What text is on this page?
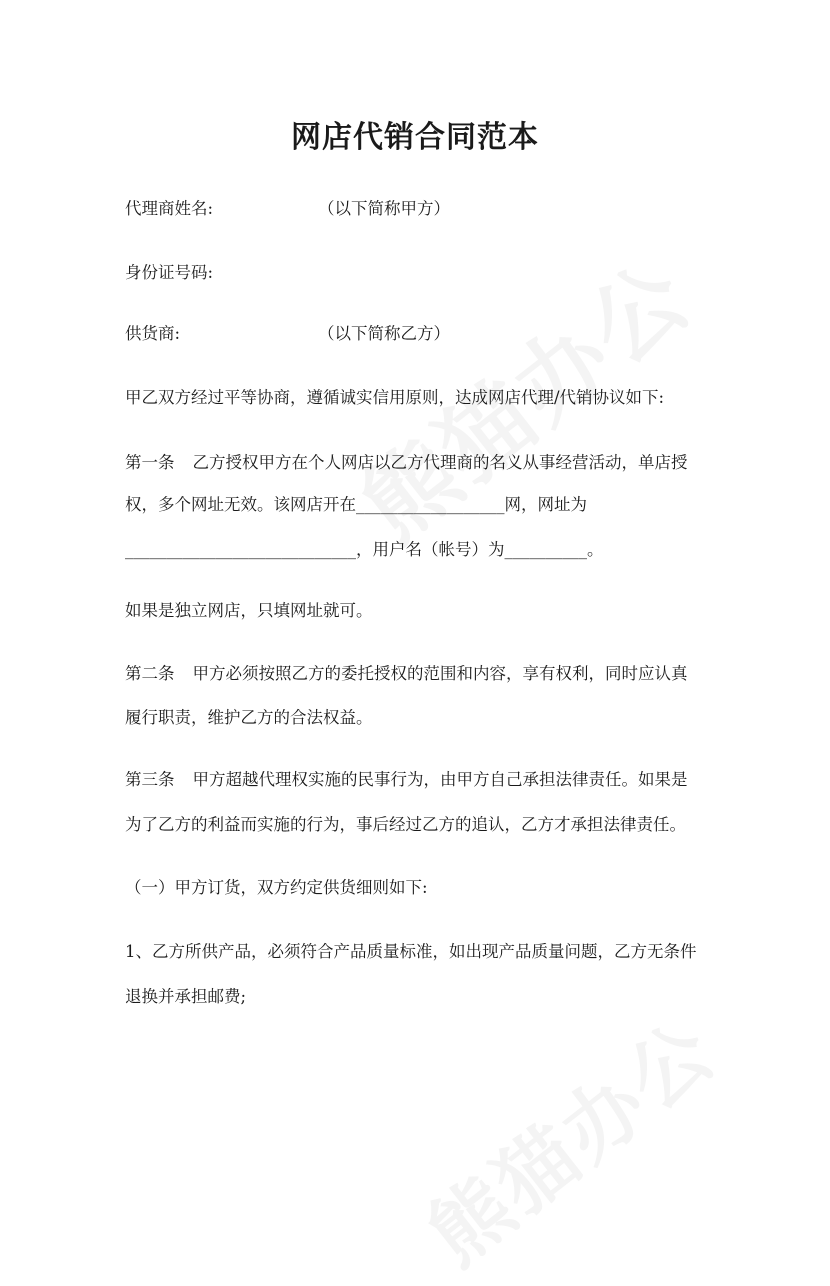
网店代销合同范本
代理商姓名:	（以下简称甲方）
身份证号码:
供货商:	（以下简称乙方）
甲乙双方经过平等协商，遵循诚实信用原则，达成网店代理/代销协议如下:
第一条 乙方授权甲方在个人网店以乙方代理商的名义从事经营活动，单店授
权，多个网址无效。该网店开在__________________网，网址为
____________________________，用户名（帐号）为__________。
如果是独立网店，只填网址就可。
第二条 甲方必须按照乙方的委托授权的范围和内容，享有权利，同时应认真
履行职责，维护乙方的合法权益。
第三条 甲方超越代理权实施的民事行为，由甲方自己承担法律责任。如果是
为了乙方的利益而实施的行为，事后经过乙方的追认，乙方才承担法律责任。
（一）甲方订货，双方约定供货细则如下:
1、乙方所供产品，必须符合产品质量标准，如出现产品质量问题，乙方无条件
退换并承担邮费;
